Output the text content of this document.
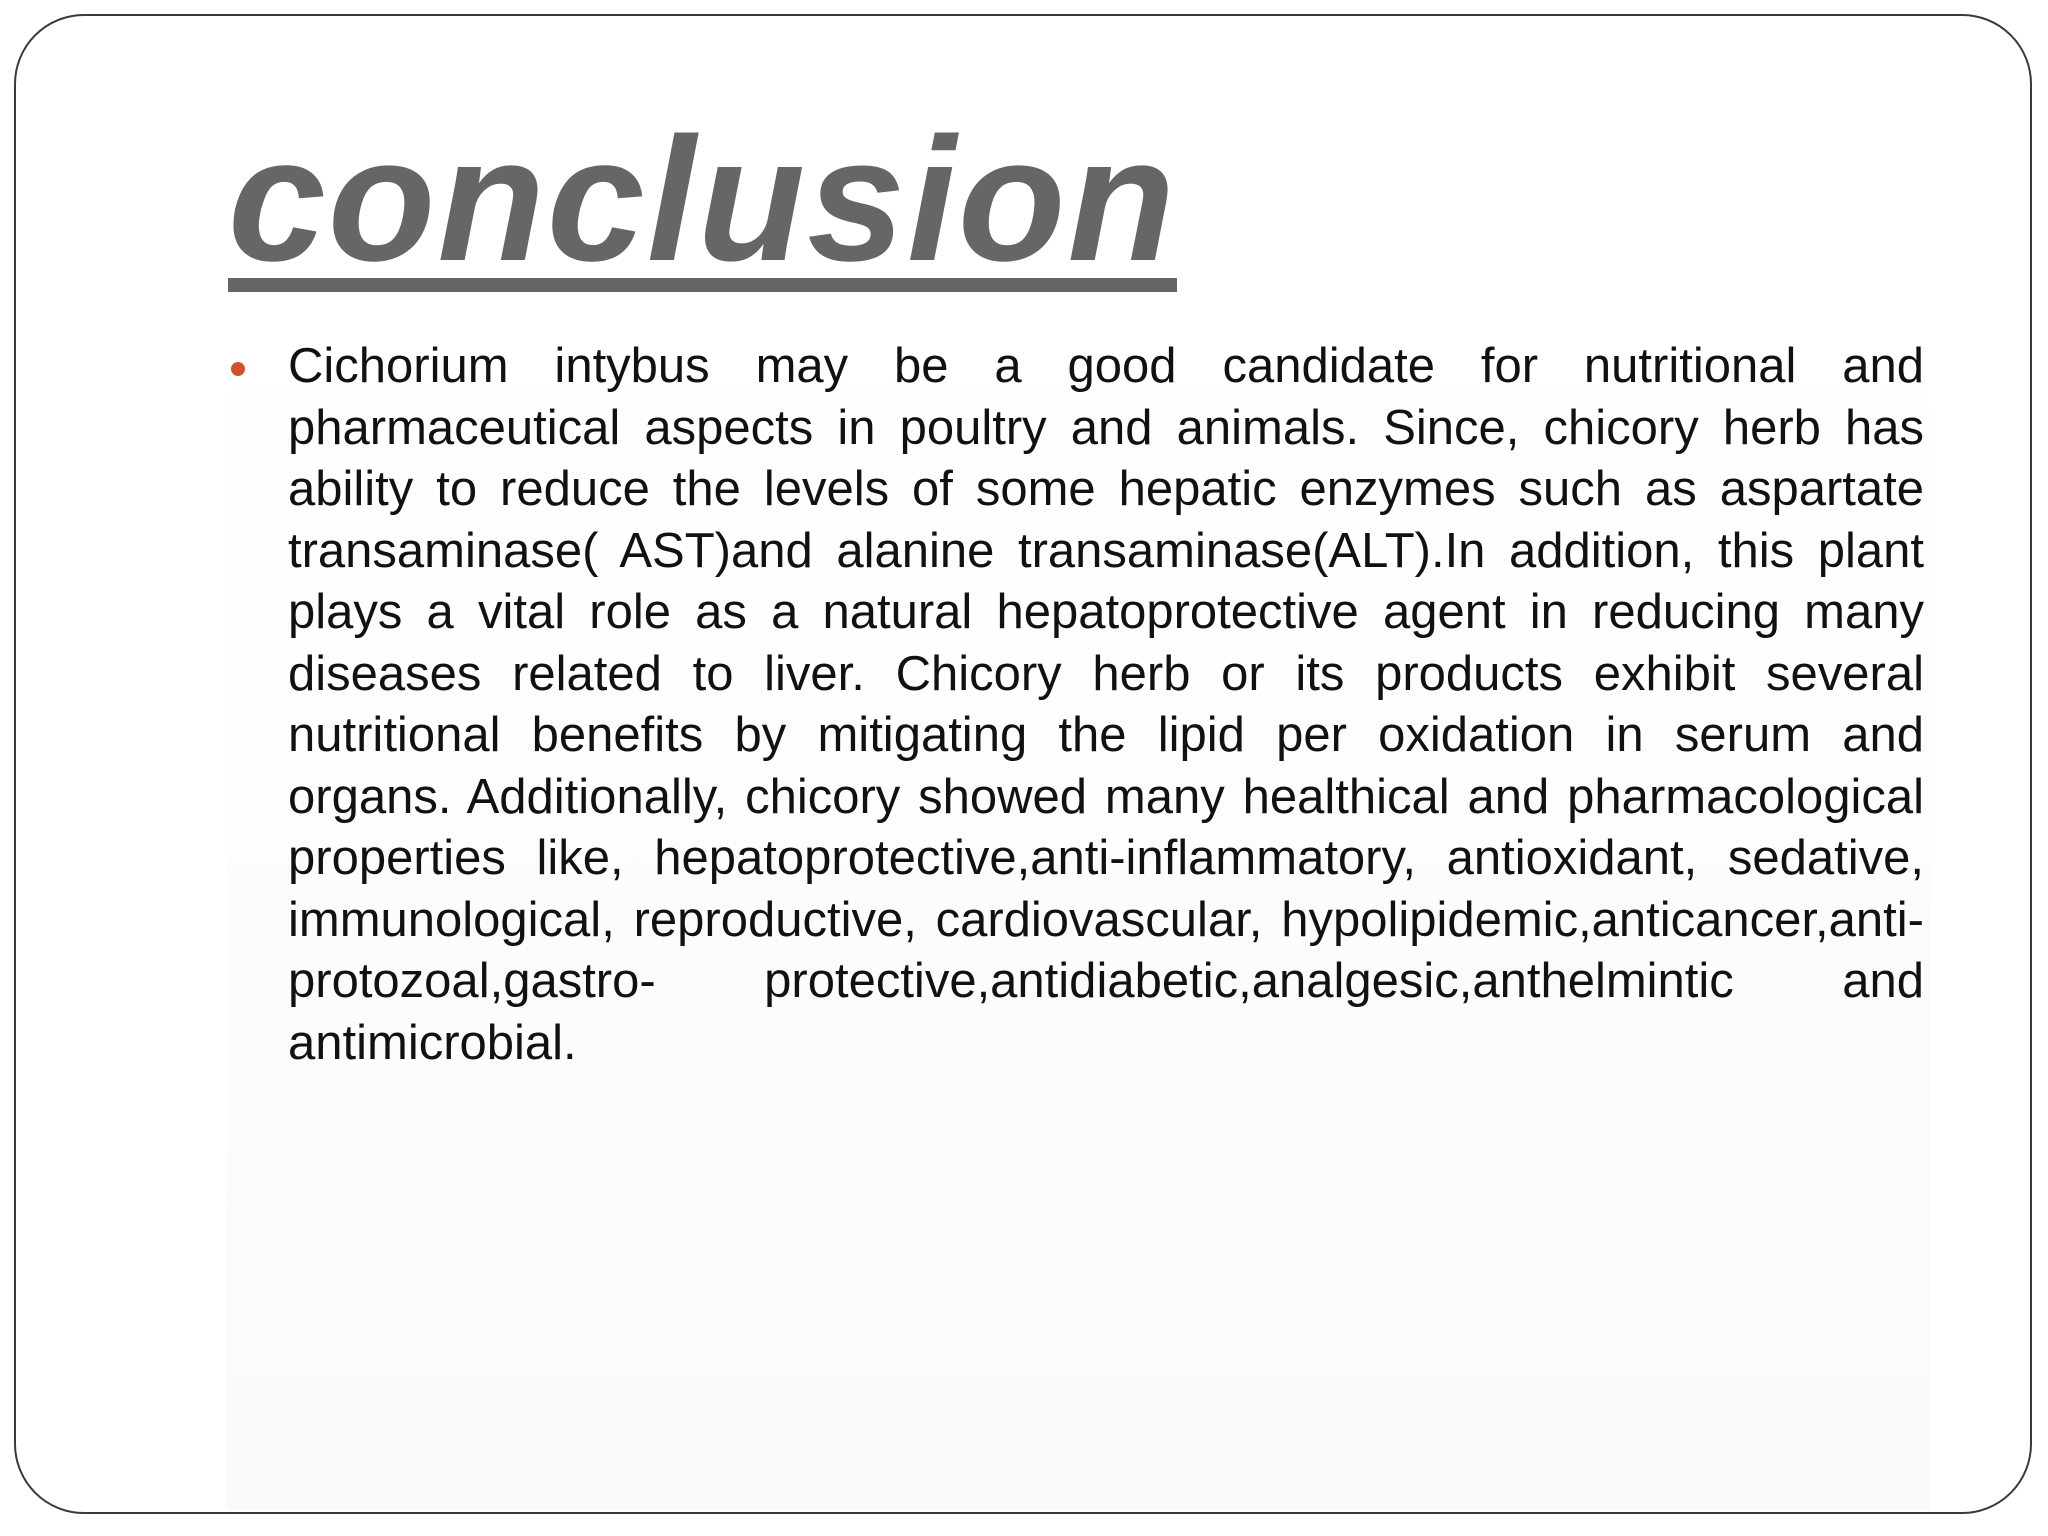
conclusion
Cichorium intybus may be a good candidate for nutritional and pharmaceutical aspects in poultry and animals. Since, chicory herb has ability to reduce the levels of some hepatic enzymes such as aspartate transaminase( AST)and alanine transaminase(ALT).In addition, this plant plays a vital role as a natural hepatoprotective agent in reducing many diseases related to liver. Chicory herb or its products exhibit several nutritional benefits by mitigating the lipid per oxidation in serum and organs. Additionally, chicory showed many healthical and pharmacological properties like, hepatoprotective,anti-inflammatory, antioxidant, sedative, immunological, reproductive, cardiovascular, hypolipidemic,anticancer,anti-protozoal,gastro- protective,antidiabetic,analgesic,anthelmintic and antimicrobial.
